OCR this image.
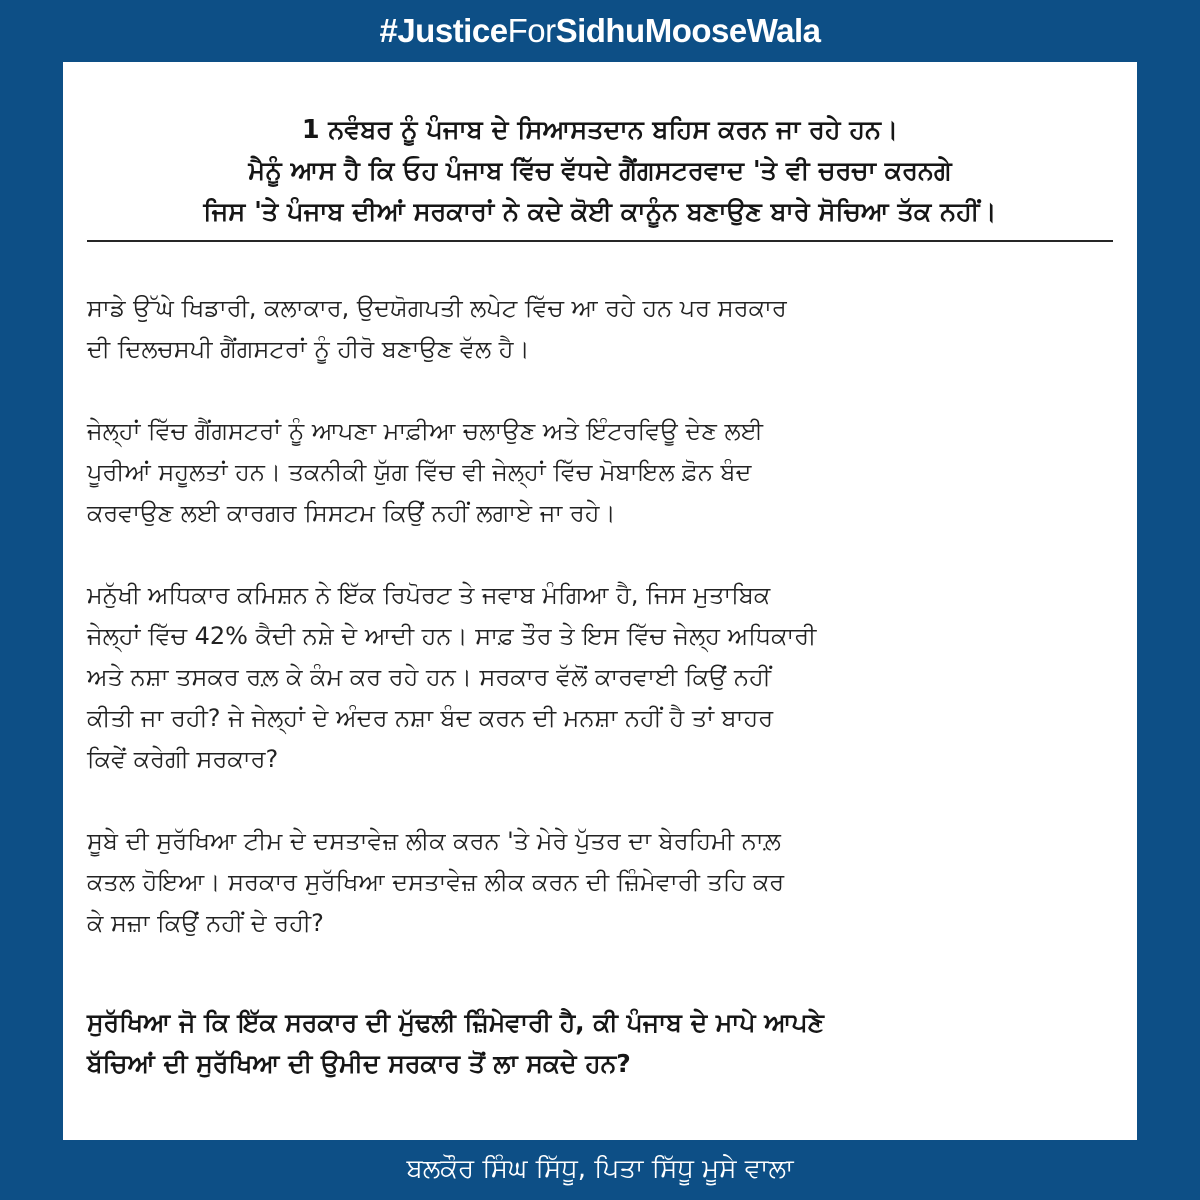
#JusticeForSidhuMooseWala
1 ਨਵੰਬਰ ਨੂੰ ਪੰਜਾਬ ਦੇ ਸਿਆਸਤਦਾਨ ਬਹਿਸ ਕਰਨ ਜਾ ਰਹੇ ਹਨ।
ਮੈਨੂੰ ਆਸ ਹੈ ਕਿ ਓਹ ਪੰਜਾਬ ਵਿੱਚ ਵੱਧਦੇ ਗੈਂਗਸਟਰਵਾਦ 'ਤੇ ਵੀ ਚਰਚਾ ਕਰਨਗੇ
ਜਿਸ 'ਤੇ ਪੰਜਾਬ ਦੀਆਂ ਸਰਕਾਰਾਂ ਨੇ ਕਦੇ ਕੋਈ ਕਾਨੂੰਨ ਬਣਾਉਣ ਬਾਰੇ ਸੋਚਿਆ ਤੱਕ ਨਹੀਂ।
ਸਾਡੇ ਉੱਘੇ ਖਿਡਾਰੀ, ਕਲਾਕਾਰ, ਉਦਯੋਗਪਤੀ ਲਪੇਟ ਵਿੱਚ ਆ ਰਹੇ ਹਨ ਪਰ ਸਰਕਾਰ
ਦੀ ਦਿਲਚਸਪੀ ਗੈਂਗਸਟਰਾਂ ਨੂੰ ਹੀਰੋ ਬਣਾਉਣ ਵੱਲ ਹੈ।
ਜੇਲ੍ਹਾਂ ਵਿੱਚ ਗੈਂਗਸਟਰਾਂ ਨੂੰ ਆਪਣਾ ਮਾਫ਼ੀਆ ਚਲਾਉਣ ਅਤੇ ਇੰਟਰਵਿਊ ਦੇਣ ਲਈ
ਪੂਰੀਆਂ ਸਹੂਲਤਾਂ ਹਨ। ਤਕਨੀਕੀ ਯੁੱਗ ਵਿੱਚ ਵੀ ਜੇਲ੍ਹਾਂ ਵਿੱਚ ਮੋਬਾਇਲ ਫ਼ੋਨ ਬੰਦ
ਕਰਵਾਉਣ ਲਈ ਕਾਰਗਰ ਸਿਸਟਮ ਕਿਉਂ ਨਹੀਂ ਲਗਾਏ ਜਾ ਰਹੇ।
ਮਨੁੱਖੀ ਅਧਿਕਾਰ ਕਮਿਸ਼ਨ ਨੇ ਇੱਕ ਰਿਪੋਰਟ ਤੇ ਜਵਾਬ ਮੰਗਿਆ ਹੈ, ਜਿਸ ਮੁਤਾਬਿਕ
ਜੇਲ੍ਹਾਂ ਵਿੱਚ 42% ਕੈਦੀ ਨਸ਼ੇ ਦੇ ਆਦੀ ਹਨ। ਸਾਫ਼ ਤੌਰ ਤੇ ਇਸ ਵਿੱਚ ਜੇਲ੍ਹ ਅਧਿਕਾਰੀ
ਅਤੇ ਨਸ਼ਾ ਤਸਕਰ ਰਲ਼ ਕੇ ਕੰਮ ਕਰ ਰਹੇ ਹਨ। ਸਰਕਾਰ ਵੱਲੋਂ ਕਾਰਵਾਈ ਕਿਉਂ ਨਹੀਂ
ਕੀਤੀ ਜਾ ਰਹੀ? ਜੇ ਜੇਲ੍ਹਾਂ ਦੇ ਅੰਦਰ ਨਸ਼ਾ ਬੰਦ ਕਰਨ ਦੀ ਮਨਸ਼ਾ ਨਹੀਂ ਹੈ ਤਾਂ ਬਾਹਰ
ਕਿਵੇਂ ਕਰੇਗੀ ਸਰਕਾਰ?
ਸੂਬੇ ਦੀ ਸੁਰੱਖਿਆ ਟੀਮ ਦੇ ਦਸਤਾਵੇਜ਼ ਲੀਕ ਕਰਨ 'ਤੇ ਮੇਰੇ ਪੁੱਤਰ ਦਾ ਬੇਰਹਿਮੀ ਨਾਲ਼
ਕਤਲ ਹੋਇਆ। ਸਰਕਾਰ ਸੁਰੱਖਿਆ ਦਸਤਾਵੇਜ਼ ਲੀਕ ਕਰਨ ਦੀ ਜ਼ਿੰਮੇਵਾਰੀ ਤਹਿ ਕਰ
ਕੇ ਸਜ਼ਾ ਕਿਉਂ ਨਹੀਂ ਦੇ ਰਹੀ?
ਸੁਰੱਖਿਆ ਜੋ ਕਿ ਇੱਕ ਸਰਕਾਰ ਦੀ ਮੁੱਢਲੀ ਜ਼ਿੰਮੇਵਾਰੀ ਹੈ, ਕੀ ਪੰਜਾਬ ਦੇ ਮਾਪੇ ਆਪਣੇ
ਬੱਚਿਆਂ ਦੀ ਸੁਰੱਖਿਆ ਦੀ ਉਮੀਦ ਸਰਕਾਰ ਤੋਂ ਲਾ ਸਕਦੇ ਹਨ?
ਬਲਕੌਰ ਸਿੰਘ ਸਿੱਧੂ, ਪਿਤਾ ਸਿੱਧੂ ਮੂਸੇ ਵਾਲਾ
